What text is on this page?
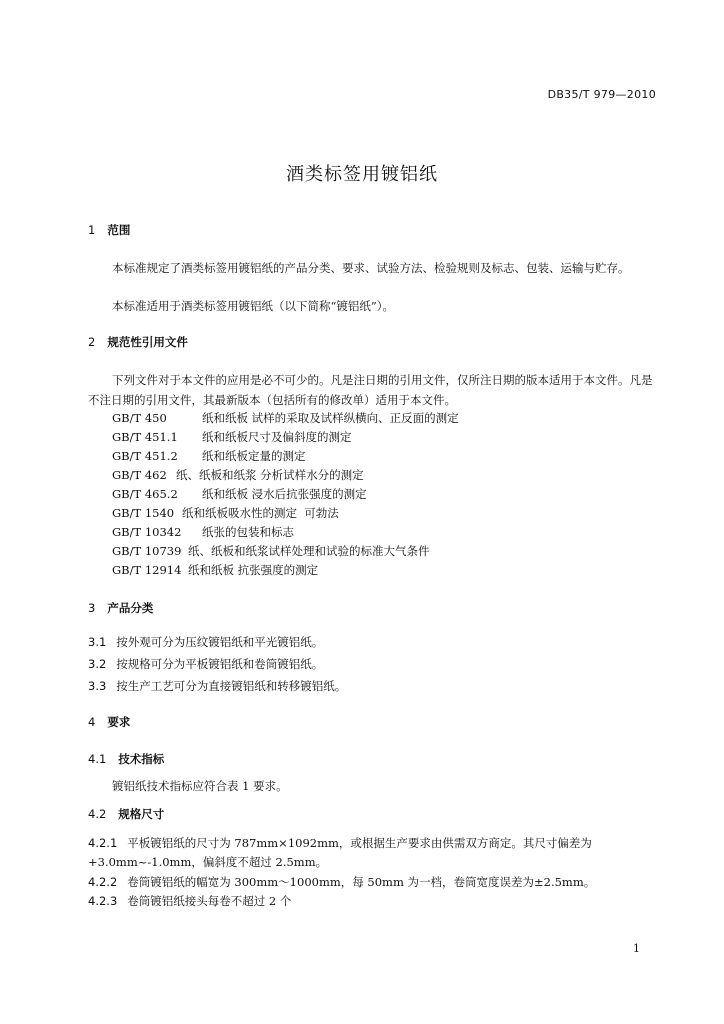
DB35/T 979—2010
酒类标签用镀铝纸
1 范围
本标准规定了酒类标签用镀铝纸的产品分类、要求、试验方法、检验规则及标志、包装、运输与贮存。
本标准适用于酒类标签用镀铝纸（以下简称“镀铝纸”）。
2 规范性引用文件
下列文件对于本文件的应用是必不可少的。凡是注日期的引用文件，仅所注日期的版本适用于本文件。凡是不注日期的引用文件，其最新版本（包括所有的修改单）适用于本文件。
GB/T 450	纸和纸板 试样的采取及试样纵横向、正反面的测定
GB/T 451.1 纸和纸板尺寸及偏斜度的测定
GB/T 451.2 纸和纸板定量的测定
GB/T 462 纸、纸板和纸浆 分析试样水分的测定
GB/T 465.2 纸和纸板 浸水后抗张强度的测定
GB/T 1540 纸和纸板吸水性的测定  可勃法
GB/T 10342 纸张的包装和标志
GB/T 10739 纸、纸板和纸浆试样处理和试验的标准大气条件
GB/T 12914 纸和纸板 抗张强度的测定
3 产品分类
3.1 按外观可分为压纹镀铝纸和平光镀铝纸。
3.2 按规格可分为平板镀铝纸和卷筒镀铝纸。
3.3 按生产工艺可分为直接镀铝纸和转移镀铝纸。
4 要求
4.1 技术指标
镀铝纸技术指标应符合表 1 要求。
4.2 规格尺寸
4.2.1 平板镀铝纸的尺寸为 787mm×1092mm，或根据生产要求由供需双方商定。其尺寸偏差为
+3.0mm~-1.0mm，偏斜度不超过 2.5mm。
4.2.2 卷筒镀铝纸的幅宽为 300mm～1000mm，每 50mm 为一档，卷筒宽度误差为±2.5mm。
4.2.3 卷筒镀铝纸接头每卷不超过 2 个
1
